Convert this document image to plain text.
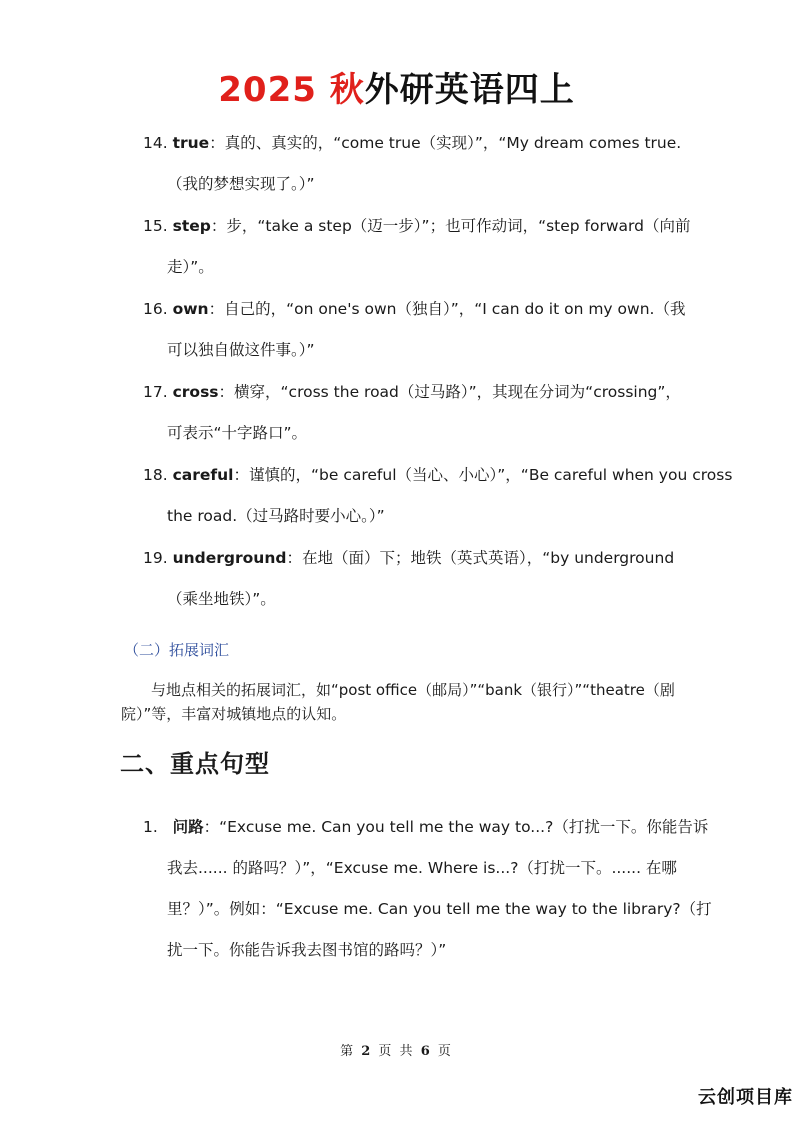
2025 秋外研英语四上
14. true：真的、真实的，“come true（实现）”，“My dream comes true.
（我的梦想实现了。）”
15. step：步，“take a step（迈一步）”；也可作动词，“step forward（向前
走）”。
16. own：自己的，“on one's own（独自）”，“I can do it on my own.（我
可以独自做这件事。）”
17. cross：横穿，“cross the road（过马路）”，其现在分词为“crossing”，
可表示“十字路口”。
18. careful：谨慎的，“be careful（当心、小心）”，“Be careful when you cross
the road.（过马路时要小心。）”
19. underground：在地（面）下；地铁（英式英语），“by underground
（乘坐地铁）”。
（二）拓展词汇
与地点相关的拓展词汇，如“post office（邮局）”“bank（银行）”“theatre（剧院）”等，丰富对城镇地点的认知。
二、重点句型
1. 问路：“Excuse me. Can you tell me the way to...?（打扰一下。你能告诉
我去...... 的路吗？）”，“Excuse me. Where is...?（打扰一下。...... 在哪
里？）”。例如：“Excuse me. Can you tell me the way to the library?（打
扰一下。你能告诉我去图书馆的路吗？）”
第 2 页 共 6 页
云创项目库
